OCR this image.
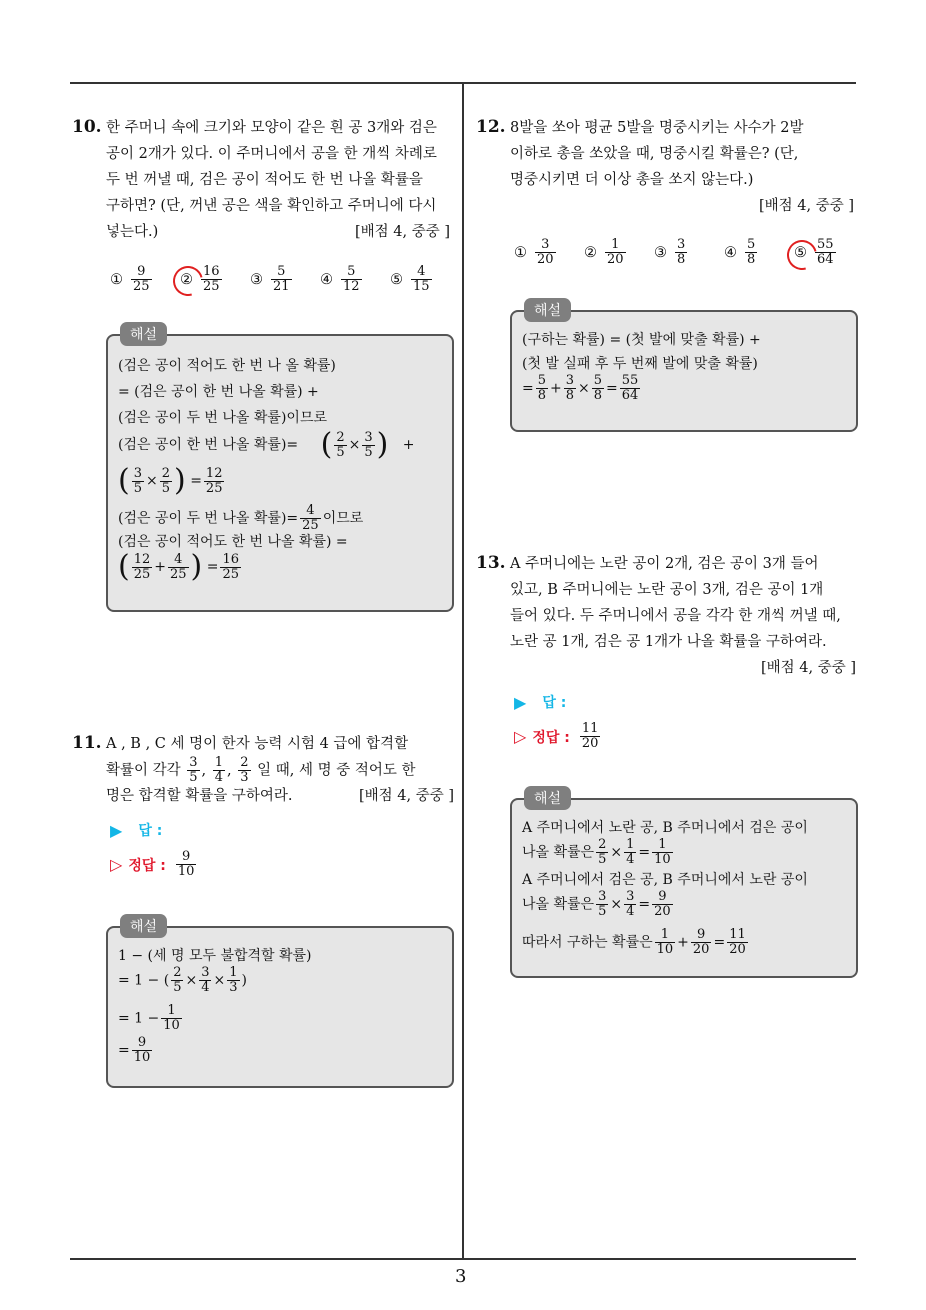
3
10. 한 주머니 속에 크기와 모양이 같은 흰 공 3개와 검은
공이 2개가 있다. 이 주머니에서 공을 한 개씩 차례로
두 번 꺼낼 때, 검은 공이 적어도 한 번 나올 확률을
구하면? (단, 꺼낸 공은 색을 확인하고 주머니에 다시
넣는다.)	[배점 4, 중중 ]
① $\frac{9}{25}$ ② $\frac{16}{25}$ ③ $\frac{5}{21}$ ④ $\frac{5}{12}$ ⑤ $\frac{4}{15}$
해설
(검은 공이 적어도 한 번 나 올 확률)
= (검은 공이 한 번 나올 확률) +
(검은 공이 두 번 나올 확률)이므로
(검은 공이 한 번 나올 확률)= ( $\frac{2}{5} \times \frac{3}{5}$ ) +
( $\frac{3}{5} \times \frac{2}{5}$ ) = $\frac{12}{25}$
(검은 공이 두 번 나올 확률)= $\frac{4}{25}$ 이므로
(검은 공이 적어도 한 번 나올 확률) =
( $\frac{12}{25} + \frac{4}{25}$ ) = $\frac{16}{25}$
11. A , B , C 세 명이 한자 능력 시험 4 급에 합격할
확률이 각각 $\frac{3}{5}$ , $\frac{1}{4}$ , $\frac{2}{3}$ 일 때, 세 명 중 적어도 한
명은 합격할 확률을 구하여라.	[배점 4, 중중 ]
▶ 답 :
▷ 정답 : $\frac{9}{10}$
해설
1 − (세 명 모두 불합격할 확률)
= 1 − ( $\frac{2}{5} \times \frac{3}{4} \times \frac{1}{3}$ )
= $1 - \frac{1}{10}$
= $\frac{9}{10}$
12. 8발을 쏘아 평균 5발을 명중시키는 사수가 2발
이하로 총을 쏘았을 때, 명중시킬 확률은? (단,
명중시키면 더 이상 총을 쏘지 않는다.)
[배점 4, 중중 ]
① $\frac{3}{20}$ ② $\frac{1}{20}$ ③ $\frac{3}{8}$	④ $\frac{5}{8}$	⑤ $\frac{55}{64}$
해설
(구하는 확률) = (첫 발에 맞출 확률) +
(첫 발 실패 후 두 번째 발에 맞출 확률)
= $\frac{5}{8} + \frac{3}{8} \times \frac{5}{8} = \frac{55}{64}$
13. A 주머니에는 노란 공이 2개, 검은 공이 3개 들어
있고, B 주머니에는 노란 공이 3개, 검은 공이 1개
들어 있다. 두 주머니에서 공을 각각 한 개씩 꺼낼 때,
노란 공 1개, 검은 공 1개가 나올 확률을 구하여라.
[배점 4, 중중 ]
▶ 답 :
▷ 정답 : $\frac{11}{20}$
해설
A 주머니에서 노란 공, B 주머니에서 검은 공이
나올 확률은 $\frac{2}{5} \times \frac{1}{4} = \frac{1}{10}$
A 주머니에서 검은 공, B 주머니에서 노란 공이
나올 확률은 $\frac{3}{5} \times \frac{3}{4} = \frac{9}{20}$
따라서 구하는 확률은 $\frac{1}{10} + \frac{9}{20} = \frac{11}{20}$
